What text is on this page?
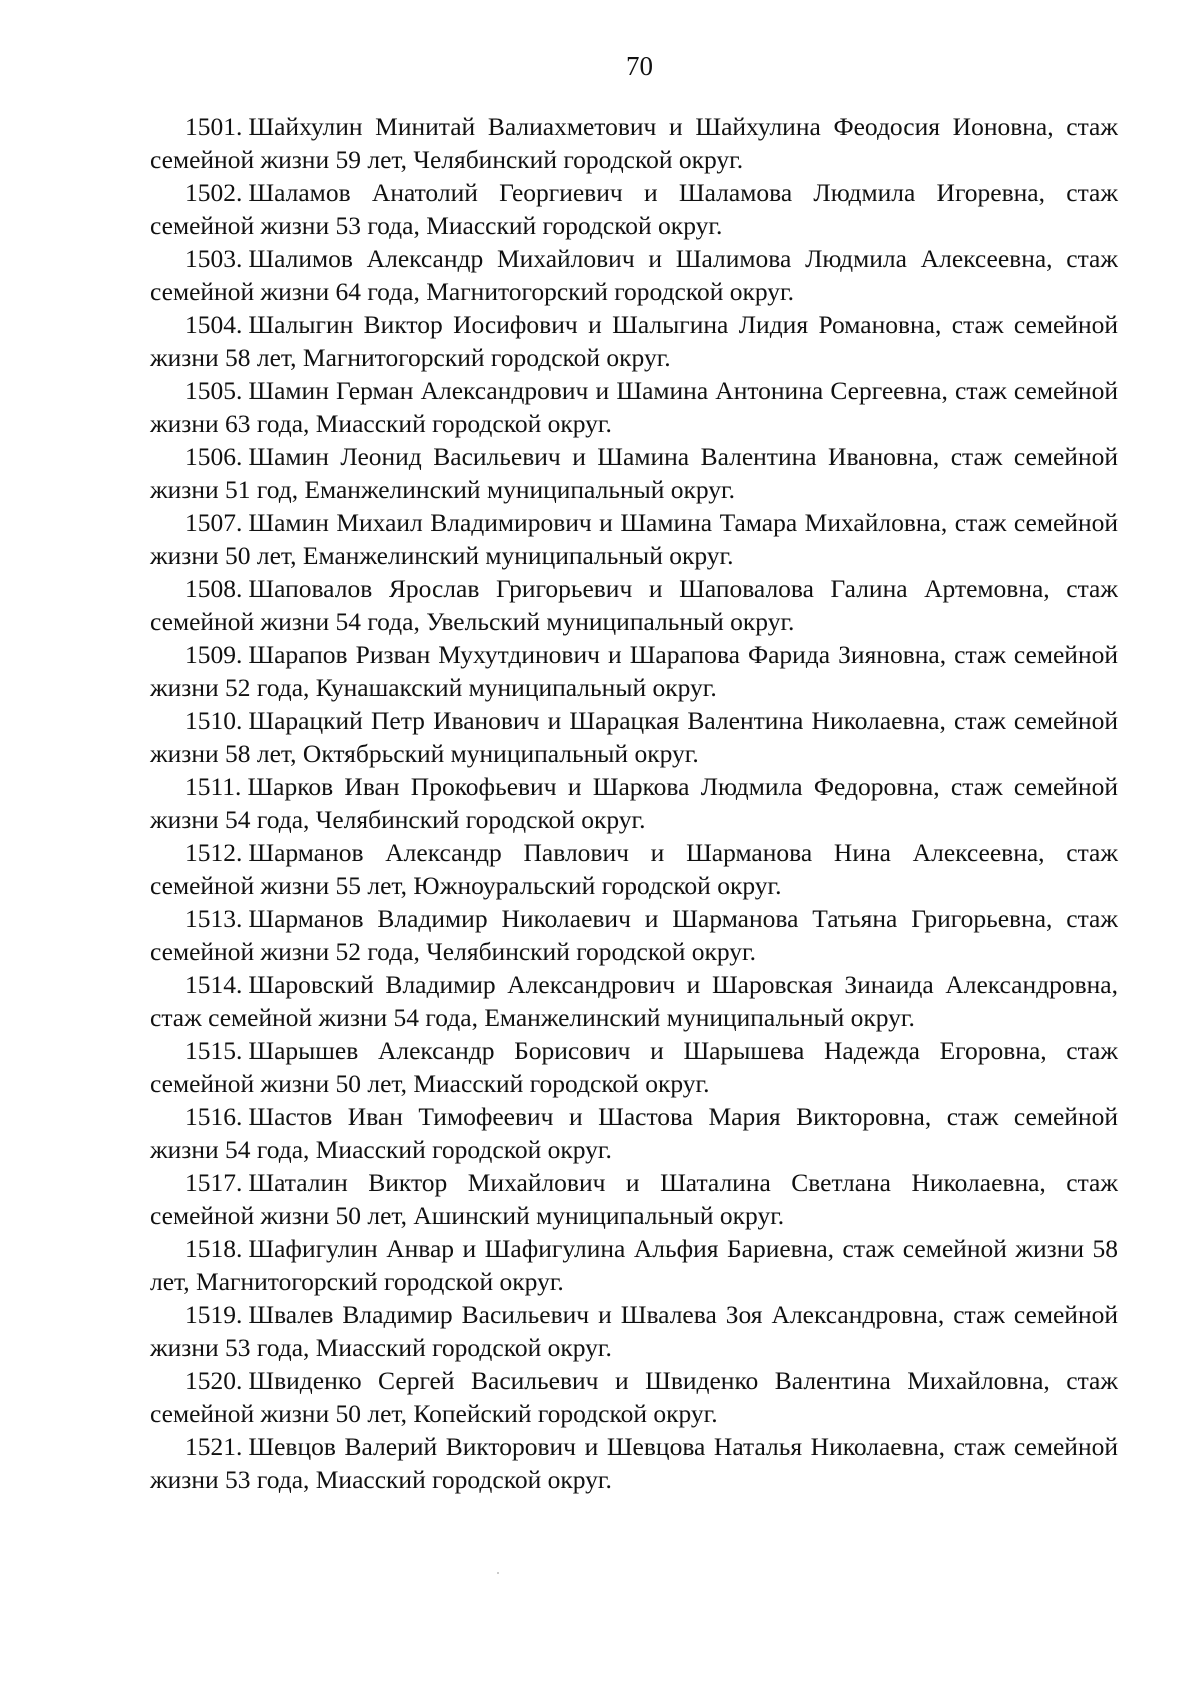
70

1501. Шайхулин Минитай Валиахметович и Шайхулина Феодосия Ионовна, стаж семейной жизни 59 лет, Челябинский городской округ.

1502. Шаламов Анатолий Георгиевич и Шаламова Людмила Игоревна, стаж семейной жизни 53 года, Миасский городской округ.

1503. Шалимов Александр Михайлович и Шалимова Людмила Алексеевна, стаж семейной жизни 64 года, Магнитогорский городской округ.

1504. Шалыгин Виктор Иосифович и Шалыгина Лидия Романовна, стаж семейной жизни 58 лет, Магнитогорский городской округ.

1505. Шамин Герман Александрович и Шамина Антонина Сергеевна, стаж семейной жизни 63 года, Миасский городской округ.

1506. Шамин Леонид Васильевич и Шамина Валентина Ивановна, стаж семейной жизни 51 год, Еманжелинский муниципальный округ.

1507. Шамин Михаил Владимирович и Шамина Тамара Михайловна, стаж семейной жизни 50 лет, Еманжелинский муниципальный округ.

1508. Шаповалов Ярослав Григорьевич и Шаповалова Галина Артемовна, стаж семейной жизни 54 года, Увельский муниципальный округ.

1509. Шарапов Ризван Мухутдинович и Шарапова Фарида Зияновна, стаж семейной жизни 52 года, Кунашакский муниципальный округ.

1510. Шарацкий Петр Иванович и Шарацкая Валентина Николаевна, стаж семейной жизни 58 лет, Октябрьский муниципальный округ.

1511. Шарков Иван Прокофьевич и Шаркова Людмила Федоровна, стаж семейной жизни 54 года, Челябинский городской округ.

1512. Шарманов Александр Павлович и Шарманова Нина Алексеевна, стаж семейной жизни 55 лет, Южноуральский городской округ.

1513. Шарманов Владимир Николаевич и Шарманова Татьяна Григорьевна, стаж семейной жизни 52 года, Челябинский городской округ.

1514. Шаровский Владимир Александрович и Шаровская Зинаида Александровна, стаж семейной жизни 54 года, Еманжелинский муниципальный округ.

1515. Шарышев Александр Борисович и Шарышева Надежда Егоровна, стаж семейной жизни 50 лет, Миасский городской округ.

1516. Шастов Иван Тимофеевич и Шастова Мария Викторовна, стаж семейной жизни 54 года, Миасский городской округ.

1517. Шаталин Виктор Михайлович и Шаталина Светлана Николаевна, стаж семейной жизни 50 лет, Ашинский муниципальный округ.

1518. Шафигулин Анвар и Шафигулина Альфия Бариевна, стаж семейной жизни 58 лет, Магнитогорский городской округ.

1519. Швалев Владимир Васильевич и Швалева Зоя Александровна, стаж семейной жизни 53 года, Миасский городской округ.

1520. Швиденко Сергей Васильевич и Швиденко Валентина Михайловна, стаж семейной жизни 50 лет, Копейский городской округ.

1521. Шевцов Валерий Викторович и Шевцова Наталья Николаевна, стаж семейной жизни 53 года, Миасский городской округ.
